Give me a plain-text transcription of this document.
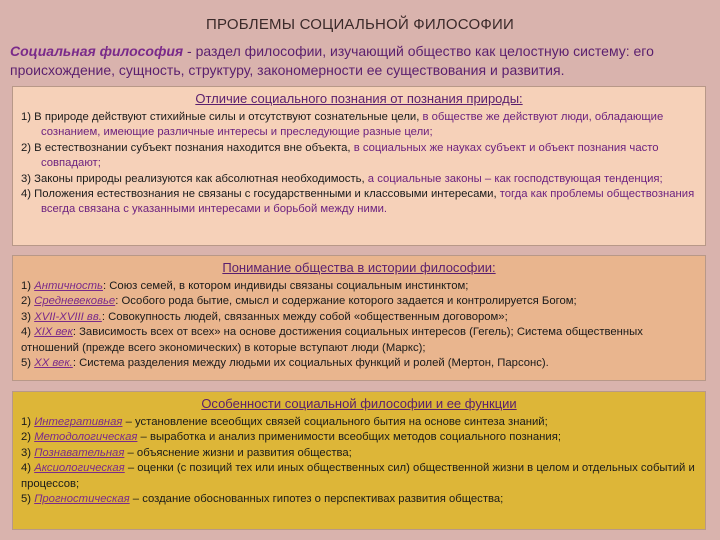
ПРОБЛЕМЫ СОЦИАЛЬНОЙ ФИЛОСОФИИ
Социальная философия - раздел философии, изучающий общество как целостную систему: его происхождение, сущность, структуру, закономерности ее существования и развития.
Отличие социального познания от познания природы:

1) В природе действуют стихийные силы и отсутствуют сознательные цели, в обществе же действуют люди, обладающие сознанием, имеющие различные интересы и преследующие разные цели;

2) В естествознании субъект познания находится вне объекта, в социальных же науках субъект и объект познания часто совпадают;

3) Законы природы реализуются как абсолютная необходимость, а социальные законы – как господствующая тенденция;

4) Положения естествознания не связаны с государственными и классовыми интересами, тогда как проблемы обществознания всегда связана с указанными интересами и борьбой между ними.

Понимание общества в истории философии:

1) Античность: Союз семей, в котором индивиды связаны социальным инстинктом;

2) Средневековье: Особого рода бытие, смысл и содержание которого задается и контролируется Богом;

3) XVII-XVIII вв.: Совокупность людей, связанных между собой «общественным договором»;

4) XIX век: Зависимость всех от всех» на основе достижения социальных интересов (Гегель); Система общественных отношений (прежде всего экономических) в которые вступают люди (Маркс);

5) XX век.: Система разделения между людьми их социальных функций и ролей (Мертон, Парсонс).

Особенности социальной философии и ее функции

1) Интегративная – установление всеобщих связей социального бытия на основе синтеза знаний;

2) Методологическая – выработка и анализ применимости всеобщих методов социального познания;

3) Познавательная – объяснение жизни и развития общества;

4) Аксиологическая – оценки (с позиций тех или иных общественных сил) общественной жизни в целом и отдельных событий и процессов;

5) Прогностическая – создание обоснованных гипотез о перспективах развития общества;
